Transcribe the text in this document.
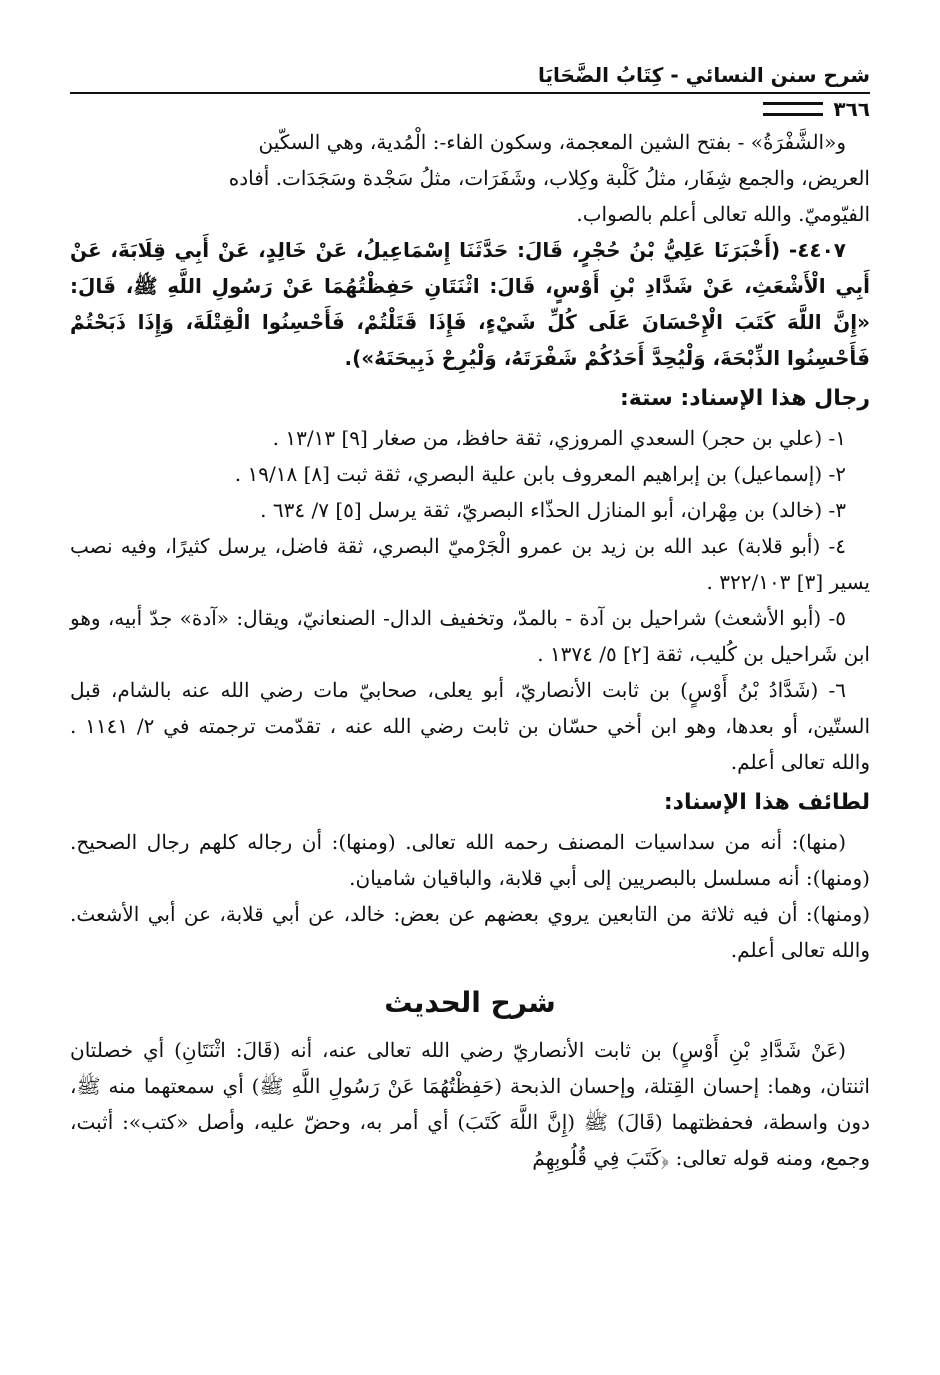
شرح سنن النسائي - كِتَابُ الضَّحَايَا
٣٦٦

و«الشَّفْرَةُ» - بفتح الشين المعجمة، وسكون الفاء-: الْمُدية، وهي السكّين

العريض، والجمع شِفَار، مثلُ كَلْبة وكِلاب، وشَفَرَات، مثلُ سَجْدة وسَجَدَات. أفاده

الفيّوميّ. والله تعالى أعلم بالصواب.

٤٤٠٧- (أَخْبَرَنَا عَلِيُّ بْنُ حُجْرٍ، قَالَ: حَدَّثَنَا إِسْمَاعِيلُ، عَنْ خَالِدٍ، عَنْ أَبِي قِلَابَةَ، عَنْ أَبِي الْأَشْعَثِ، عَنْ شَدَّادِ بْنِ أَوْسٍ، قَالَ: اثْنَتَانِ حَفِظْتُهُمَا عَنْ رَسُولِ اللَّهِ ﷺ، قَالَ: «إِنَّ اللَّهَ كَتَبَ الْإِحْسَانَ عَلَى كُلِّ شَيْءٍ، فَإِذَا قَتَلْتُمْ، فَأَحْسِنُوا الْقِتْلَةَ، وَإِذَا ذَبَحْتُمْ فَأَحْسِنُوا الذِّبْحَةَ، وَلْيُحِدَّ أَحَدُكُمْ شَفْرَتَهُ، وَلْيُرِحْ ذَبِيحَتَهُ»).

رجال هذا الإسناد: ستة:

١- (علي بن حجر) السعدي المروزي، ثقة حافظ، من صغار [٩] ١٣/١٣ .

٢- (إسماعيل) بن إبراهيم المعروف بابن علية البصري، ثقة ثبت [٨] ١٩/١٨ .

٣- (خالد) بن مِهْران، أبو المنازل الحذّاء البصريّ، ثقة يرسل [٥] ٧/ ٦٣٤ .

٤- (أبو قلابة) عبد الله بن زيد بن عمرو الْجَرْميّ البصري، ثقة فاضل، يرسل كثيرًا، وفيه نصب يسير [٣] ٣٢٢/١٠٣ .

٥- (أبو الأشعث) شراحيل بن آدة - بالمدّ، وتخفيف الدال- الصنعانيّ، ويقال: «آدة» جدّ أبيه، وهو ابن شَراحيل بن كُليب، ثقة [٢] ٥/ ١٣٧٤ .

٦- (شَدَّادُ بْنُ أَوْسٍ) بن ثابت الأنصاريّ، أبو يعلى، صحابيّ مات رضي الله عنه بالشام، قبل الستّين، أو بعدها، وهو ابن أخي حسّان بن ثابت رضي الله عنه ، تقدّمت ترجمته في ٢/ ١١٤١ . والله تعالى أعلم.

لطائف هذا الإسناد:

(منها): أنه من سداسيات المصنف رحمه الله تعالى. (ومنها): أن رجاله كلهم رجال الصحيح. (ومنها): أنه مسلسل بالبصريين إلى أبي قلابة، والباقيان شاميان.

(ومنها): أن فيه ثلاثة من التابعين يروي بعضهم عن بعض: خالد، عن أبي قلابة، عن أبي الأشعث. والله تعالى أعلم.

شرح الحديث

(عَنْ شَدَّادِ بْنِ أَوْسٍ) بن ثابت الأنصاريّ رضي الله تعالى عنه، أنه (قَالَ: اثْنَتَانِ) أي خصلتان اثنتان، وهما: إحسان القِتلة، وإحسان الذبحة (حَفِظْتُهُمَا عَنْ رَسُولِ اللَّهِ ﷺ) أي سمعتهما منه ﷺ، دون واسطة، فحفظتهما (قَالَ) ﷺ (إِنَّ اللَّهَ كَتَبَ) أي أمر به، وحضّ عليه، وأصل «كتب»: أثبت، وجمع، ومنه قوله تعالى: ﴿كَتَبَ فِي قُلُوبِهِمُ
